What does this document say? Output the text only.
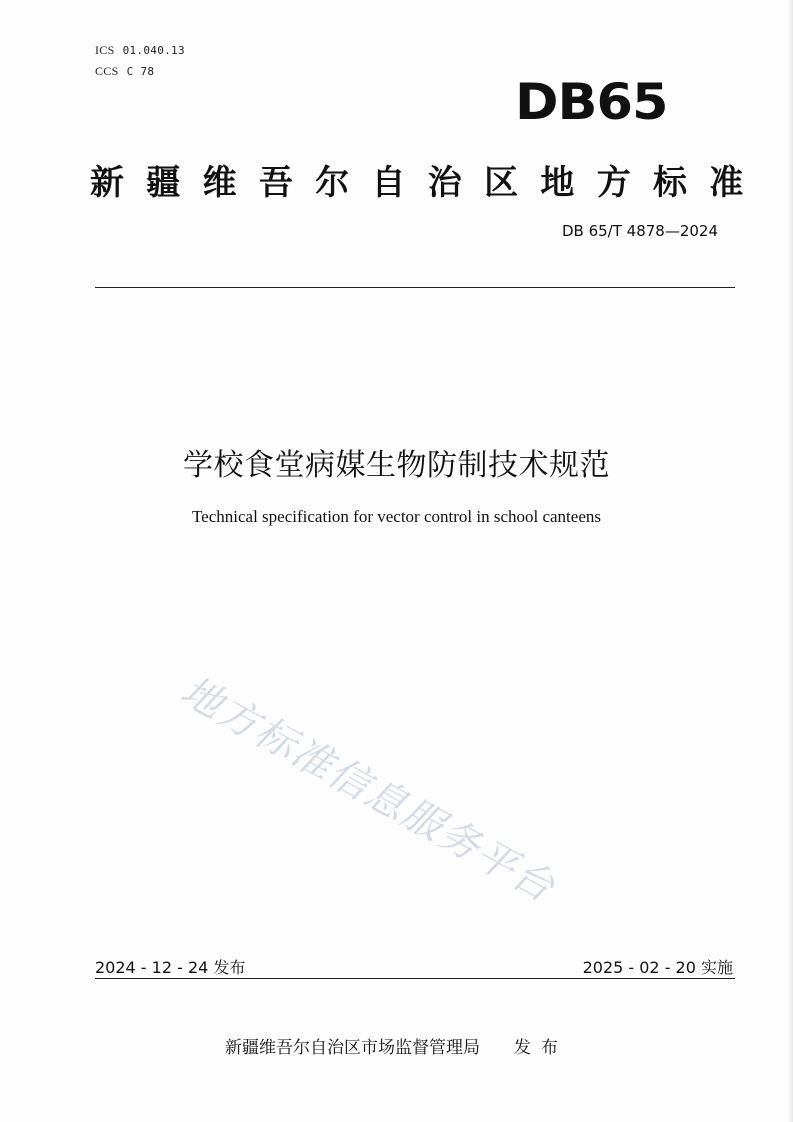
ICS 01.040.13
CCS C 78
DB65
新疆维吾尔自治区地方标准
DB 65/T 4878—2024
学校食堂病媒生物防制技术规范
Technical specification for vector control in school canteens
地方标准信息服务平台
2024 - 12 - 24 发布	2025 - 02 - 20 实施
新疆维吾尔自治区市场监督管理局 发布
